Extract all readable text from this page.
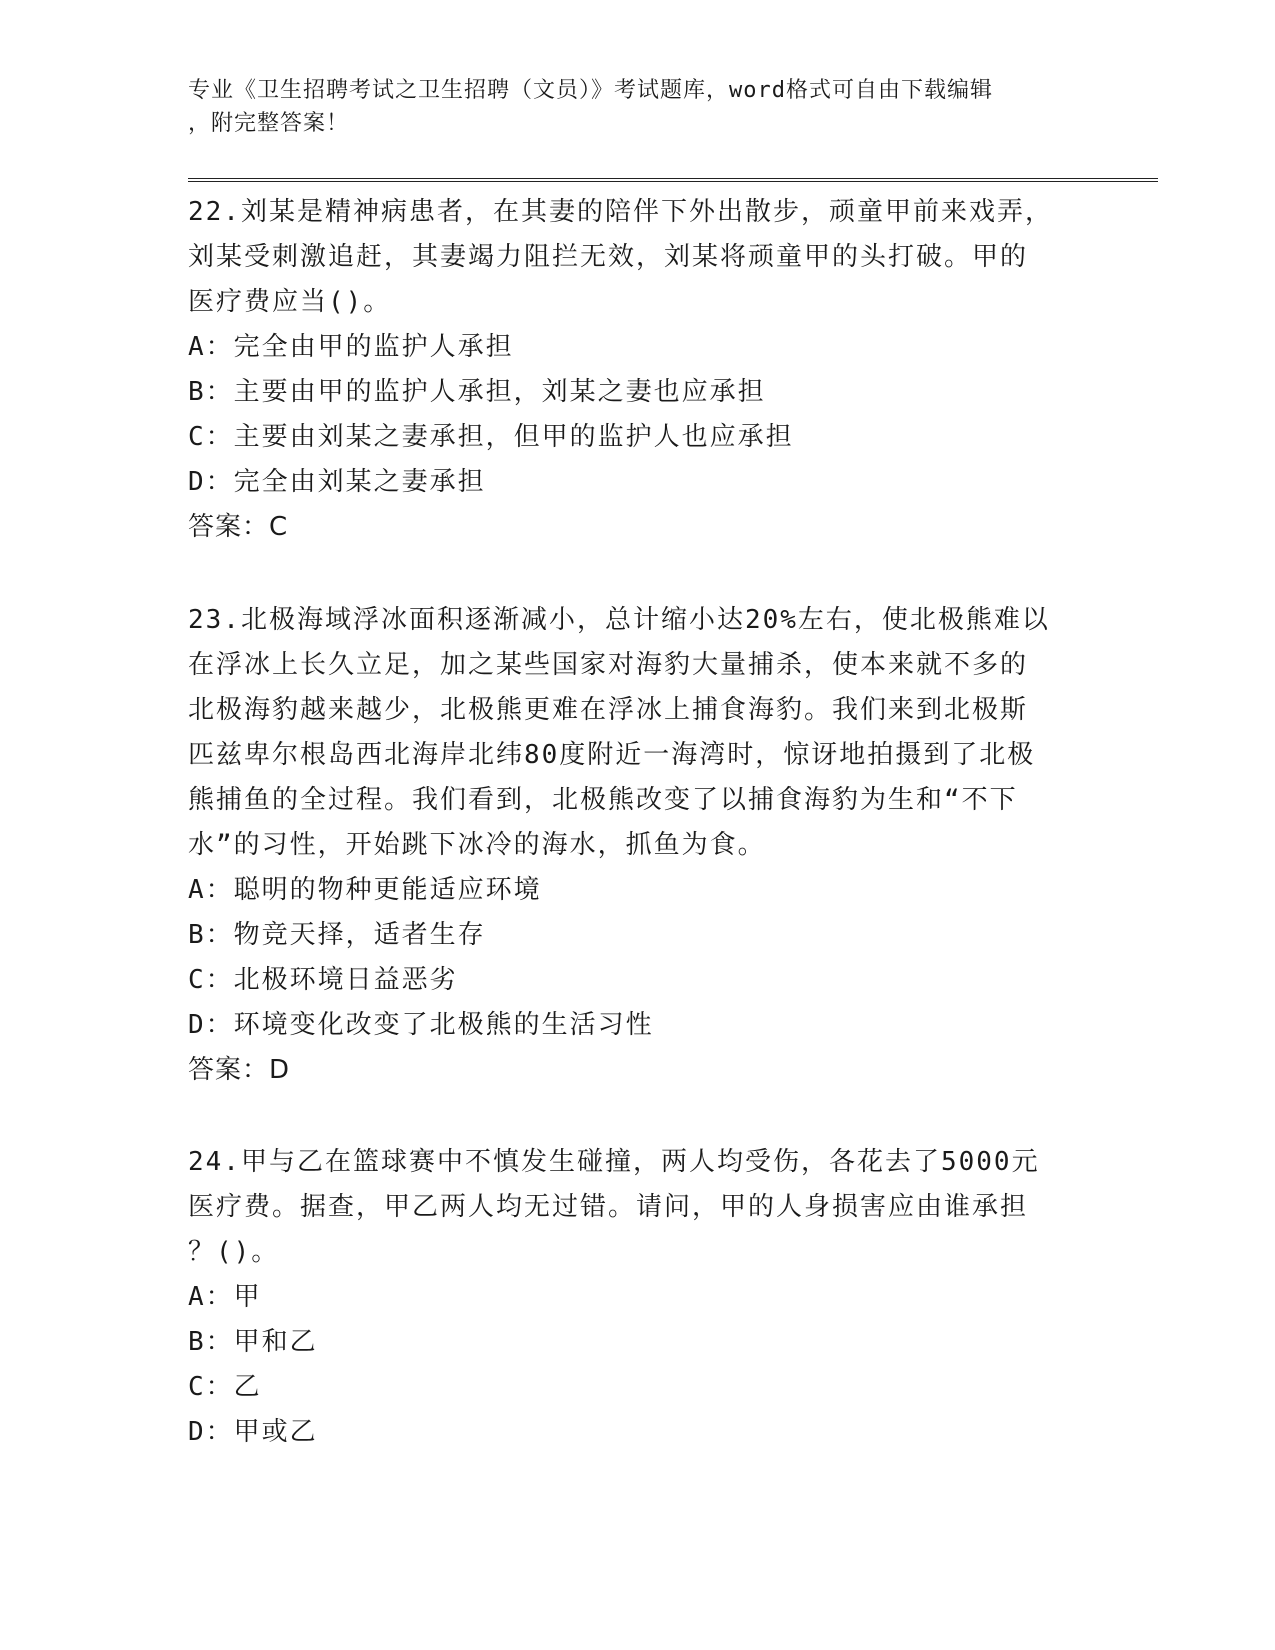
专业《卫生招聘考试之卫生招聘（文员）》考试题库，word格式可自由下载编辑
，附完整答案！

22.刘某是精神病患者，在其妻的陪伴下外出散步，顽童甲前来戏弄，

刘某受刺激追赶，其妻竭力阻拦无效，刘某将顽童甲的头打破。甲的

医疗费应当()。

A：完全由甲的监护人承担

B：主要由甲的监护人承担，刘某之妻也应承担

C：主要由刘某之妻承担，但甲的监护人也应承担

D：完全由刘某之妻承担

答案：C

23.北极海域浮冰面积逐渐减小，总计缩小达20%左右，使北极熊难以

在浮冰上长久立足，加之某些国家对海豹大量捕杀，使本来就不多的

北极海豹越来越少，北极熊更难在浮冰上捕食海豹。我们来到北极斯

匹兹卑尔根岛西北海岸北纬80度附近一海湾时，惊讶地拍摄到了北极

熊捕鱼的全过程。我们看到，北极熊改变了以捕食海豹为生和“不下

水”的习性，开始跳下冰冷的海水，抓鱼为食。

A：聪明的物种更能适应环境

B：物竞天择，适者生存

C：北极环境日益恶劣

D：环境变化改变了北极熊的生活习性

答案：D

24.甲与乙在篮球赛中不慎发生碰撞，两人均受伤，各花去了5000元

医疗费。据查，甲乙两人均无过错。请问，甲的人身损害应由谁承担

？()。

A：甲

B：甲和乙

C：乙

D：甲或乙
